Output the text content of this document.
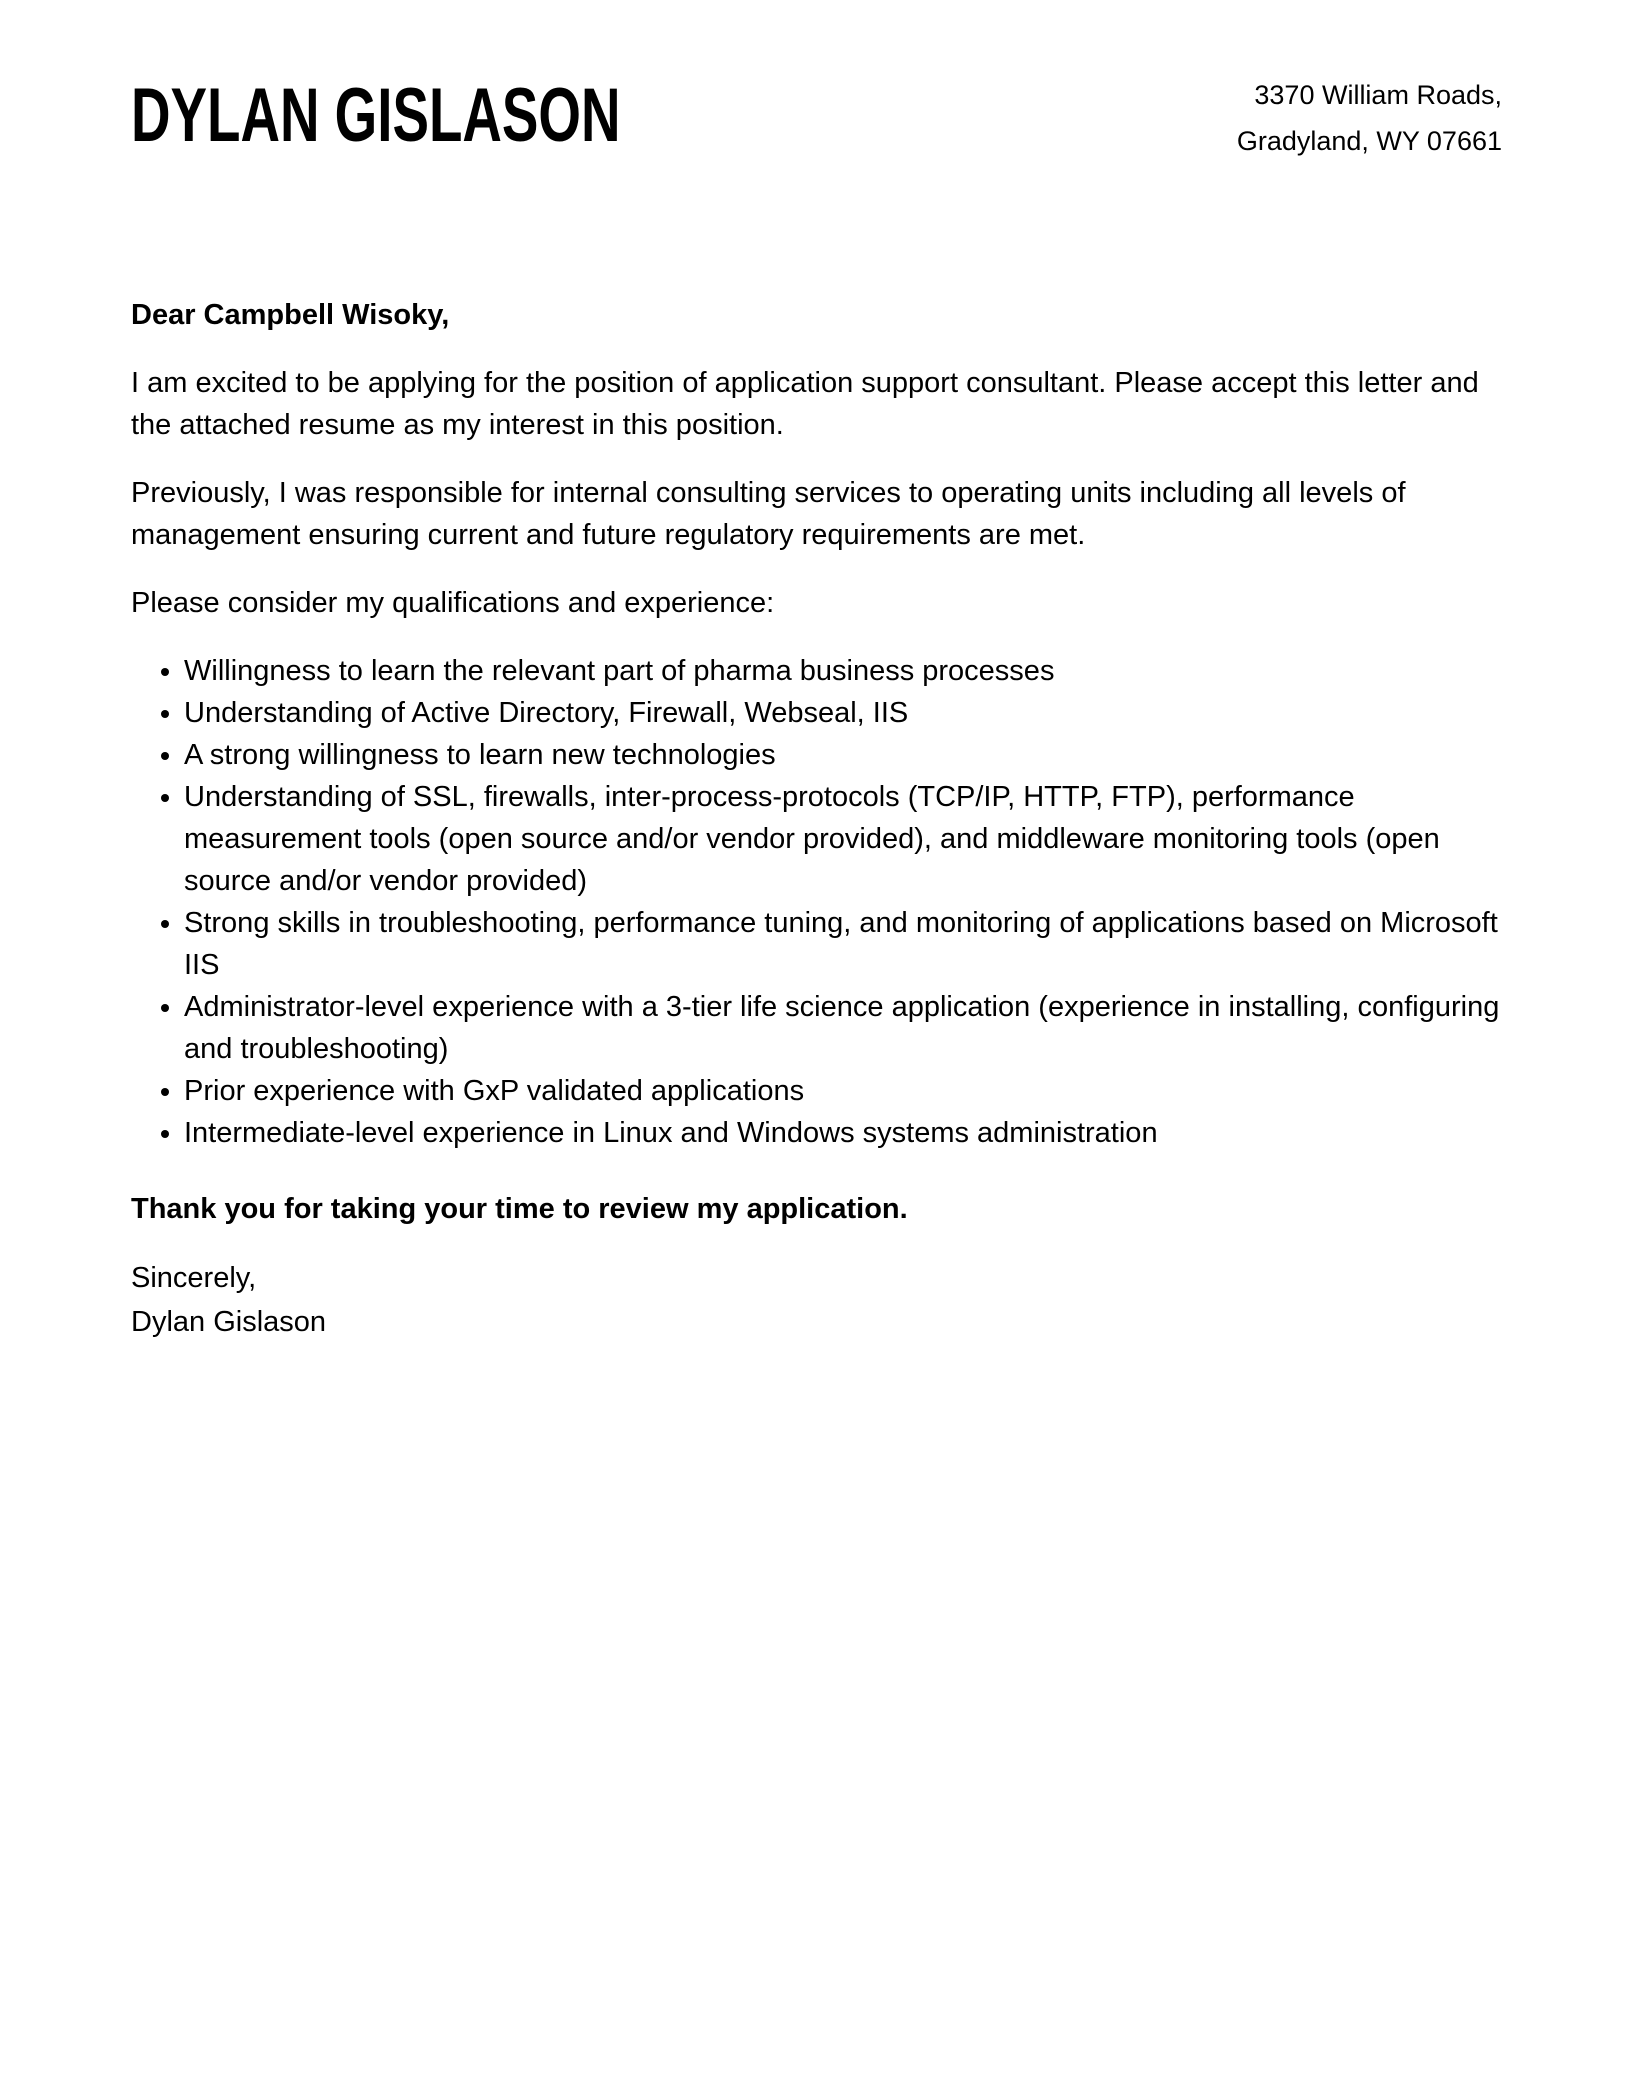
DYLAN GISLASON	3370 William Roads,
Gradyland, WY 07661

Dear Campbell Wisoky,

I am excited to be applying for the position of application support consultant. Please accept this letter and the attached resume as my interest in this position.

Previously, I was responsible for internal consulting services to operating units including all levels of management ensuring current and future regulatory requirements are met.

Please consider my qualifications and experience:

• Willingness to learn the relevant part of pharma business processes
• Understanding of Active Directory, Firewall, Webseal, IIS
• A strong willingness to learn new technologies
• Understanding of SSL, firewalls, inter-process-protocols (TCP/IP, HTTP, FTP), performance measurement tools (open source and/or vendor provided), and middleware monitoring tools (open source and/or vendor provided)
• Strong skills in troubleshooting, performance tuning, and monitoring of applications based on Microsoft IIS
• Administrator-level experience with a 3-tier life science application (experience in installing, configuring and troubleshooting)
• Prior experience with GxP validated applications
• Intermediate-level experience in Linux and Windows systems administration

Thank you for taking your time to review my application.

Sincerely,

Dylan Gislason
